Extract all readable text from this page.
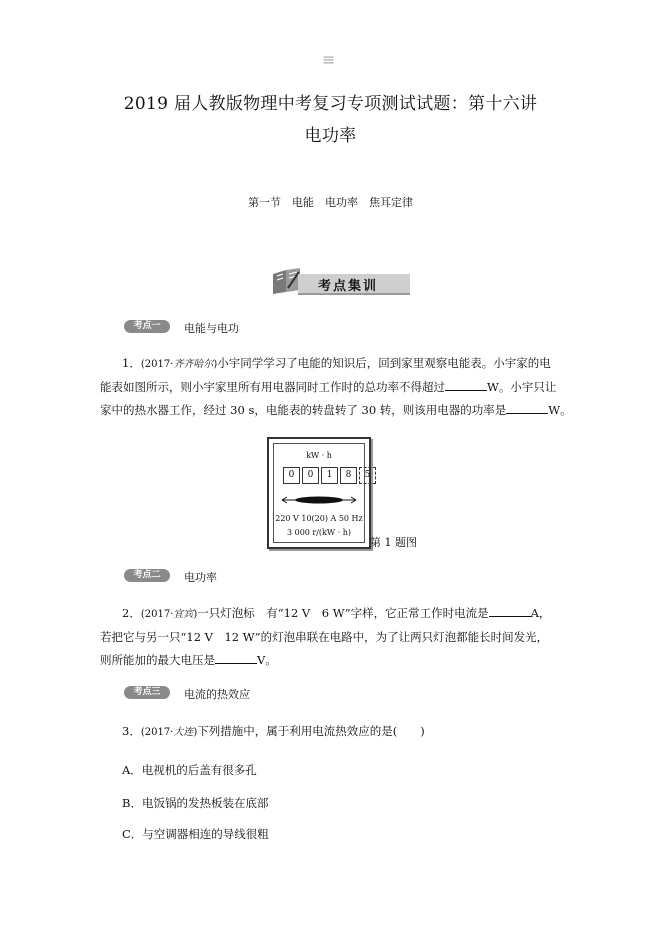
≡
2019 届人教版物理中考复习专项测试试题：第十六讲
电功率
第一节　电能　电功率　焦耳定律
考点集训
考点一	电能与电功
1．(2017·齐齐哈尔)小宇同学学习了电能的知识后，回到家里观察电能表。小宇家的电
能表如图所示，则小宇家里所有用电器同时工作时的总功率不得超过	W。小宇只让
家中的热水器工作，经过 30 s，电能表的转盘转了 30 转，则该用电器的功率是	W。
kW · h
0	0	1	8	5
220 V 10(20) A 50 Hz
3 000 r/(kW · h)
第 1 题图
考点二	电功率
2．(2017·宜宾)一只灯泡标　有“12 V　6 W”字样，它正常工作时电流是	A，
若把它与另一只“12 V　12 W”的灯泡串联在电路中，为了让两只灯泡都能长时间发光，
则所能加的最大电压是	V。
考点三	电流的热效应
3．(2017·大连)下列措施中，属于利用电流热效应的是(　　)
A．电视机的后盖有很多孔
B．电饭锅的发热板装在底部
C．与空调器相连的导线很粗
